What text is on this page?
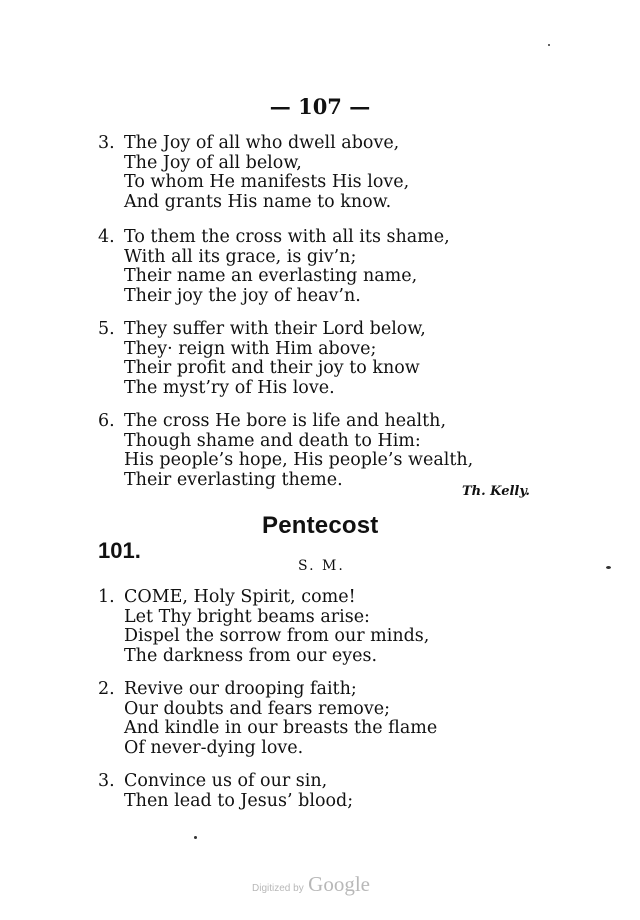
— 107 —
3. The Joy of all who dwell above,
The Joy of all below,
To whom He manifests His love,
And grants His name to know.
4. To them the cross with all its shame,
With all its grace, is giv’n;
Their name an everlasting name,
Their joy the joy of heav’n.
5. They suffer with their Lord below,
They· reign with Him above;
Their profit and their joy to know
The myst’ry of His love.
6. The cross He bore is life and health,
Though shame and death to Him:
His people’s hope, His people’s wealth,
Their everlasting theme.
Th. Kelly.
Pentecost
101.
S. M.
1. COME, Holy Spirit, come!
Let Thy bright beams arise:
Dispel the sorrow from our minds,
The darkness from our eyes.
2. Revive our drooping faith;
Our doubts and fears remove;
And kindle in our breasts the flame
Of never-dying love.
3. Convince us of our sin,
Then lead to Jesus’ blood;
Digitized by Google
